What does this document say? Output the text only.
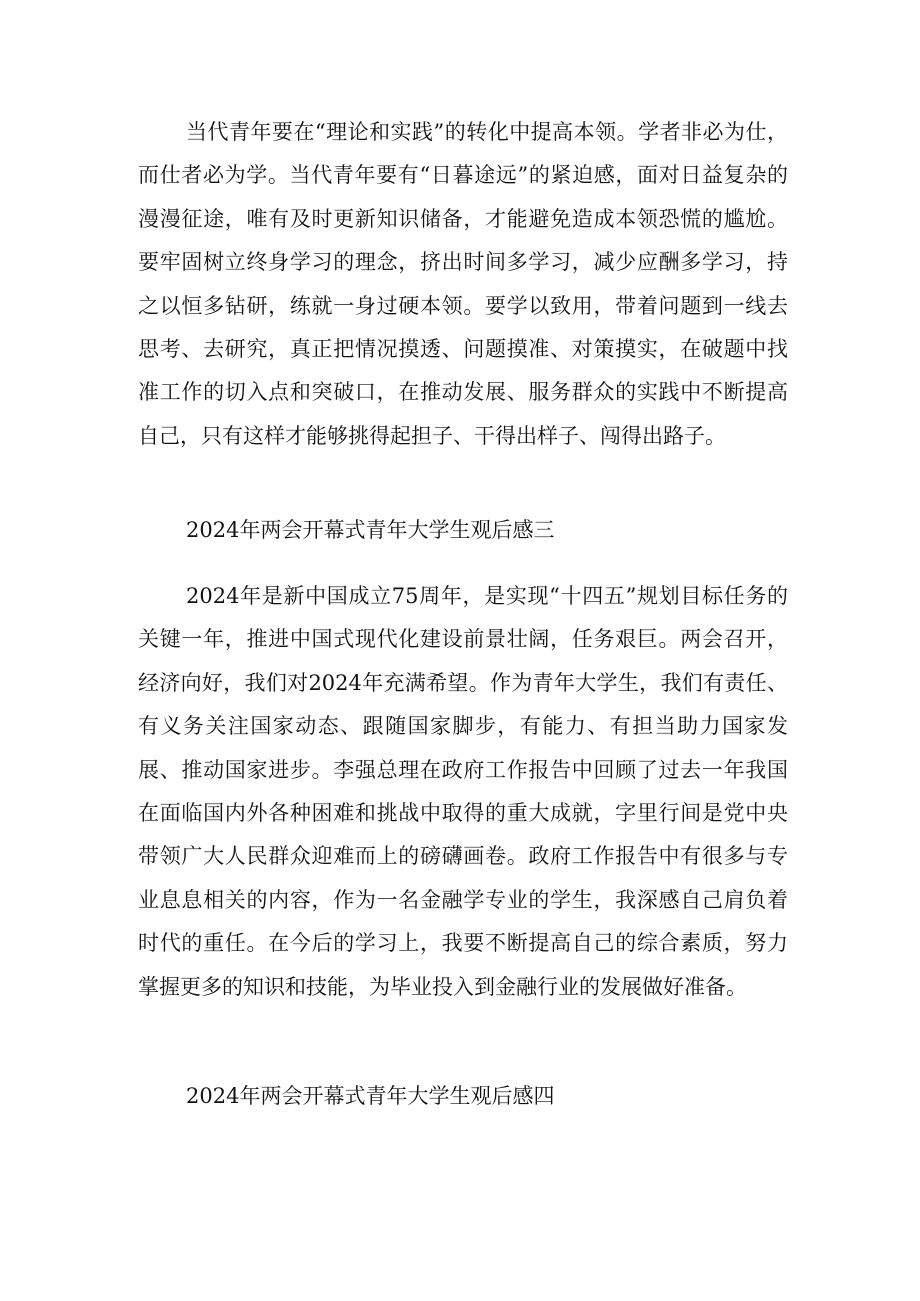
当代青年要在“理论和实践”的转化中提高本领。学者非必为仕，而仕者必为学。当代青年要有“日暮途远”的紧迫感，面对日益复杂的漫漫征途，唯有及时更新知识储备，才能避免造成本领恐慌的尴尬。要牢固树立终身学习的理念，挤出时间多学习，减少应酬多学习，持之以恒多钻研，练就一身过硬本领。要学以致用，带着问题到一线去思考、去研究，真正把情况摸透、问题摸准、对策摸实，在破题中找准工作的切入点和突破口，在推动发展、服务群众的实践中不断提高自己，只有这样才能够挑得起担子、干得出样子、闯得出路子。

2024年两会开幕式青年大学生观后感三

2024年是新中国成立75周年，是实现“十四五”规划目标任务的关键一年，推进中国式现代化建设前景壮阔，任务艰巨。两会召开，经济向好，我们对2024年充满希望。作为青年大学生，我们有责任、有义务关注国家动态、跟随国家脚步，有能力、有担当助力国家发展、推动国家进步。李强总理在政府工作报告中回顾了过去一年我国在面临国内外各种困难和挑战中取得的重大成就，字里行间是党中央带领广大人民群众迎难而上的磅礴画卷。政府工作报告中有很多与专业息息相关的内容，作为一名金融学专业的学生，我深感自己肩负着时代的重任。在今后的学习上，我要不断提高自己的综合素质，努力掌握更多的知识和技能，为毕业投入到金融行业的发展做好准备。

2024年两会开幕式青年大学生观后感四
